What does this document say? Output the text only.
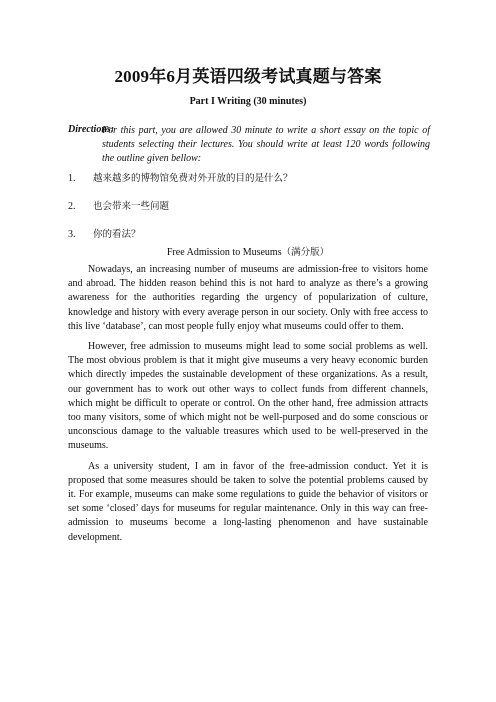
2009年6月英语四级考试真题与答案
Part I Writing (30 minutes)
Directions:

For this part, you are allowed 30 minute to write a short essay on the topic of students selecting their lectures. You should write at least 120 words following the outline given bellow:

1. 越来越多的博物馆免费对外开放的目的是什么？
2. 也会带来一些问题
3. 你的看法？
Free Admission to Museums（满分版）

Nowadays, an increasing number of museums are admission-free to visitors home and abroad. The hidden reason behind this is not hard to analyze as there’s a growing awareness for the authorities regarding the urgency of popularization of culture, knowledge and history with every average person in our society. Only with free access to this live ‘database’, can most people fully enjoy what museums could offer to them.

However, free admission to museums might lead to some social problems as well. The most obvious problem is that it might give museums a very heavy economic burden which directly impedes the sustainable development of these organizations. As a result, our government has to work out other ways to collect funds from different channels, which might be difficult to operate or control. On the other hand, free admission attracts too many visitors, some of which might not be well-purposed and do some conscious or unconscious damage to the valuable treasures which used to be well-preserved in the museums.

As a university student, I am in favor of the free-admission conduct. Yet it is proposed that some measures should be taken to solve the potential problems caused by it. For example, museums can make some regulations to guide the behavior of visitors or set some ‘closed’ days for museums for regular maintenance. Only in this way can free-admission to museums become a long-lasting phenomenon and have sustainable development.
